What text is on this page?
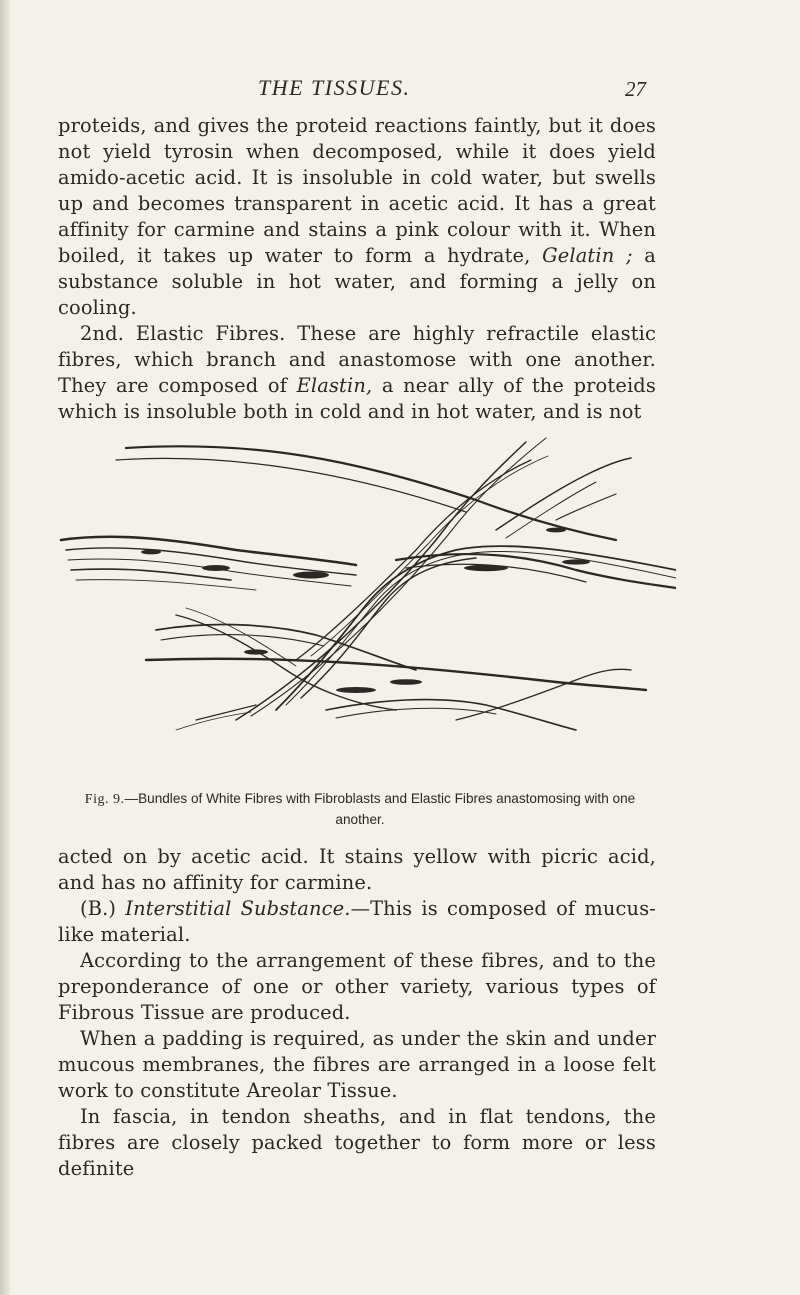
THE TISSUES.	27

proteids, and gives the proteid reactions faintly, but it does not yield tyrosin when decomposed, while it does yield amido-acetic acid. It is insoluble in cold water, but swells up and becomes transparent in acetic acid. It has a great affinity for carmine and stains a pink colour with it. When boiled, it takes up water to form a hydrate, Gelatin ; a substance soluble in hot water, and forming a jelly on cooling.

2nd. Elastic Fibres. These are highly refractile elastic fibres, which branch and anastomose with one another. They are composed of Elastin, a near ally of the proteids which is insoluble both in cold and in hot water, and is not

Fig. 9.—Bundles of White Fibres with Fibroblasts and Elastic Fibres anastomosing with one another.

acted on by acetic acid. It stains yellow with picric acid, and has no affinity for carmine.

(B.) Interstitial Substance.—This is composed of mucus-like material.

According to the arrangement of these fibres, and to the preponderance of one or other variety, various types of Fibrous Tissue are produced.

When a padding is required, as under the skin and under mucous membranes, the fibres are arranged in a loose felt work to constitute Areolar Tissue.

In fascia, in tendon sheaths, and in flat tendons, the fibres are closely packed together to form more or less definite
